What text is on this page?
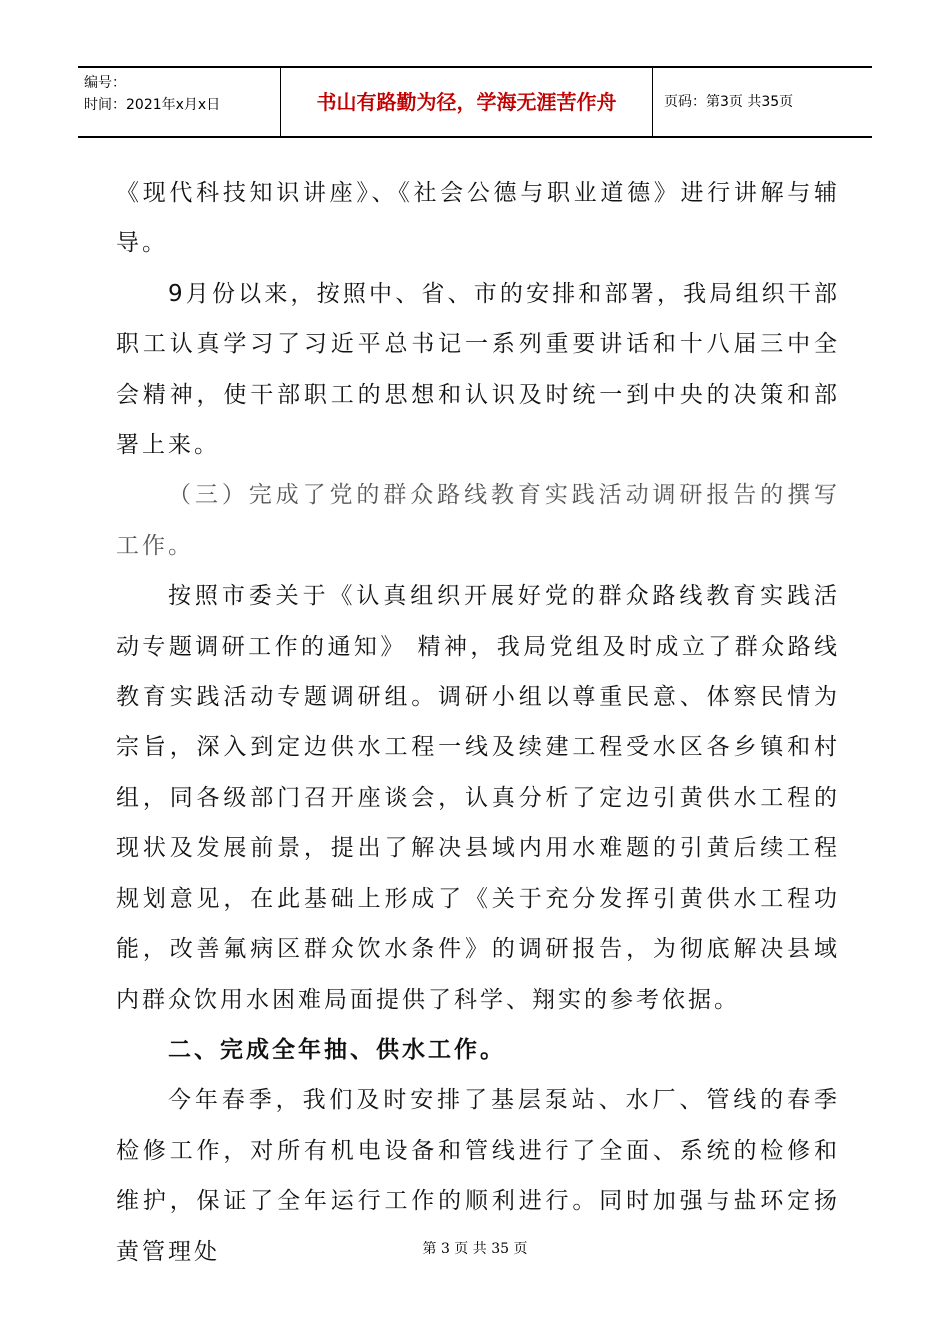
编号：
时间：2021年x月x日	书山有路勤为径，学海无涯苦作舟	页码：第3页 共35页

《现代科技知识讲座》、《社会公德与职业道德》进行讲解与辅导。

9月份以来，按照中、省、市的安排和部署，我局组织干部职工认真学习了习近平总书记一系列重要讲话和十八届三中全会精神，使干部职工的思想和认识及时统一到中央的决策和部署上来。

（三）完成了党的群众路线教育实践活动调研报告的撰写工作。

按照市委关于《认真组织开展好党的群众路线教育实践活动专题调研工作的通知》 精神，我局党组及时成立了群众路线教育实践活动专题调研组。调研小组以尊重民意、体察民情为宗旨，深入到定边供水工程一线及续建工程受水区各乡镇和村组，同各级部门召开座谈会，认真分析了定边引黄供水工程的现状及发展前景，提出了解决县域内用水难题的引黄后续工程规划意见，在此基础上形成了《关于充分发挥引黄供水工程功能，改善氟病区群众饮水条件》的调研报告，为彻底解决县域内群众饮用水困难局面提供了科学、翔实的参考依据。

二、完成全年抽、供水工作。

今年春季，我们及时安排了基层泵站、水厂、管线的春季检修工作，对所有机电设备和管线进行了全面、系统的检修和维护，保证了全年运行工作的顺利进行。同时加强与盐环定扬黄管理处	第 3 页 共 35 页
